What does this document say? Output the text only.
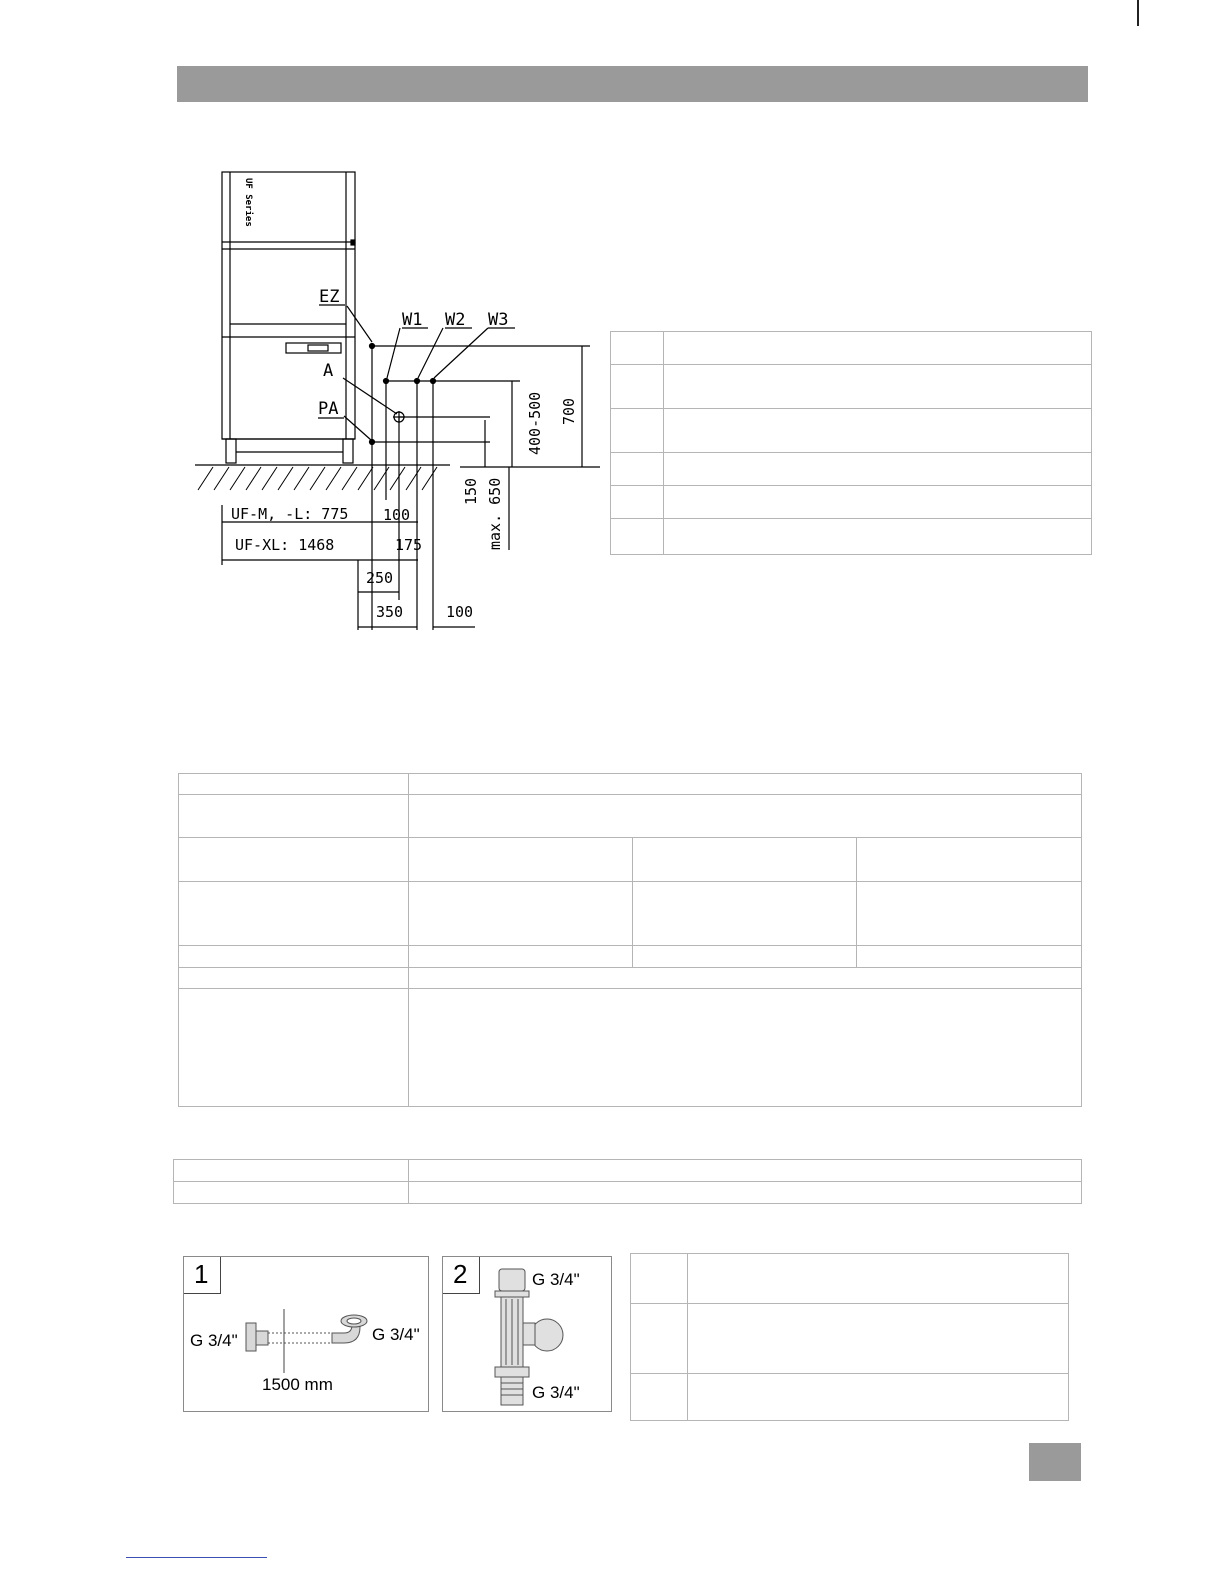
UF Series
EZ
W1 W2 W3
A
PA	700
400-500
150 max. 650
UF-M, -L: 775 100
UF-XL: 1468	175
250
350	100

1
G 3/4"	G 3/4"
1500 mm
2	G 3/4"
G 3/4"
